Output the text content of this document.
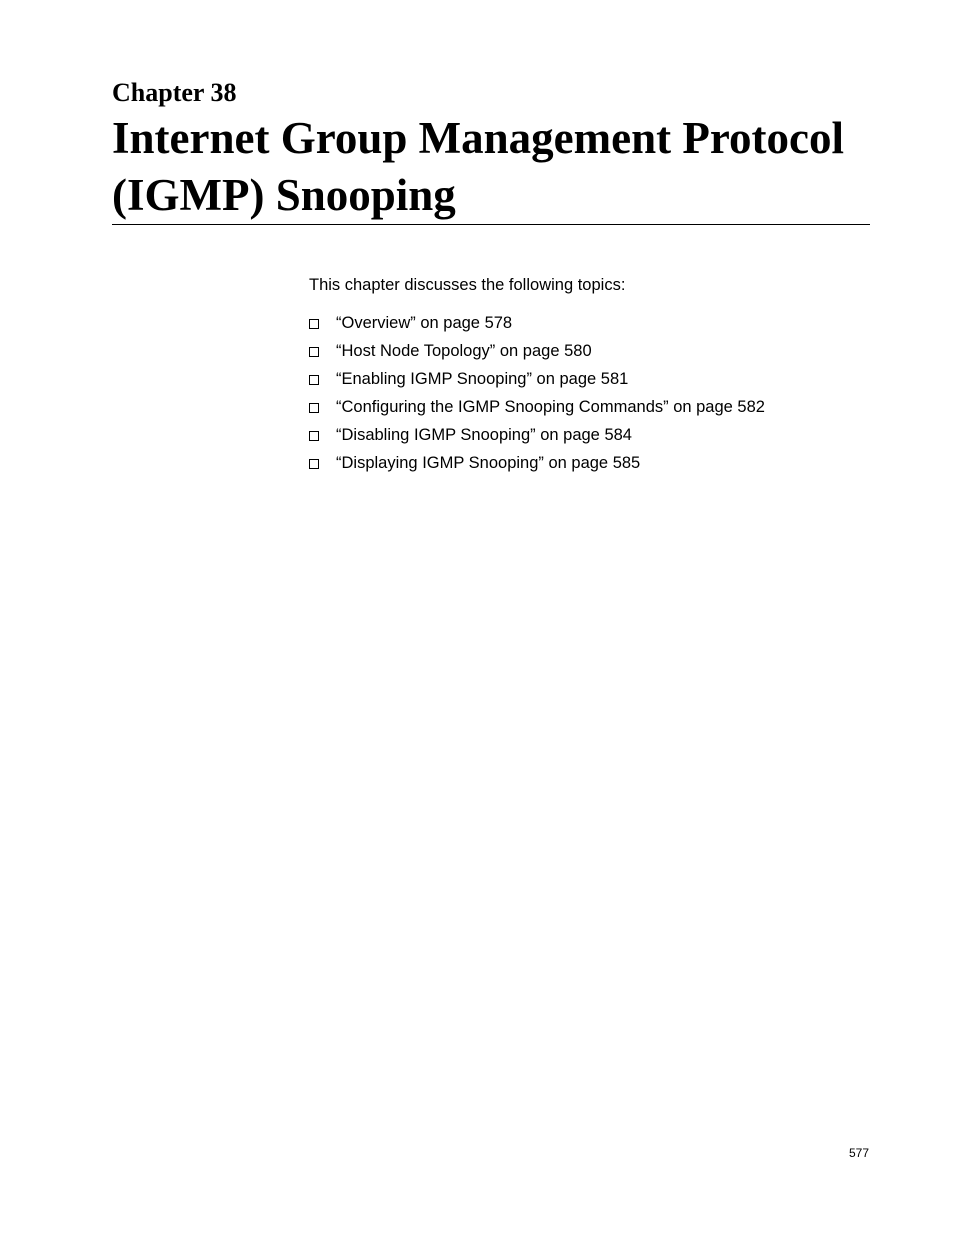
Chapter 38
Internet Group Management Protocol (IGMP) Snooping

This chapter discusses the following topics:

“Overview” on page 578
“Host Node Topology” on page 580
“Enabling IGMP Snooping” on page 581
“Configuring the IGMP Snooping Commands” on page 582
“Disabling IGMP Snooping” on page 584
“Displaying IGMP Snooping” on page 585

577
